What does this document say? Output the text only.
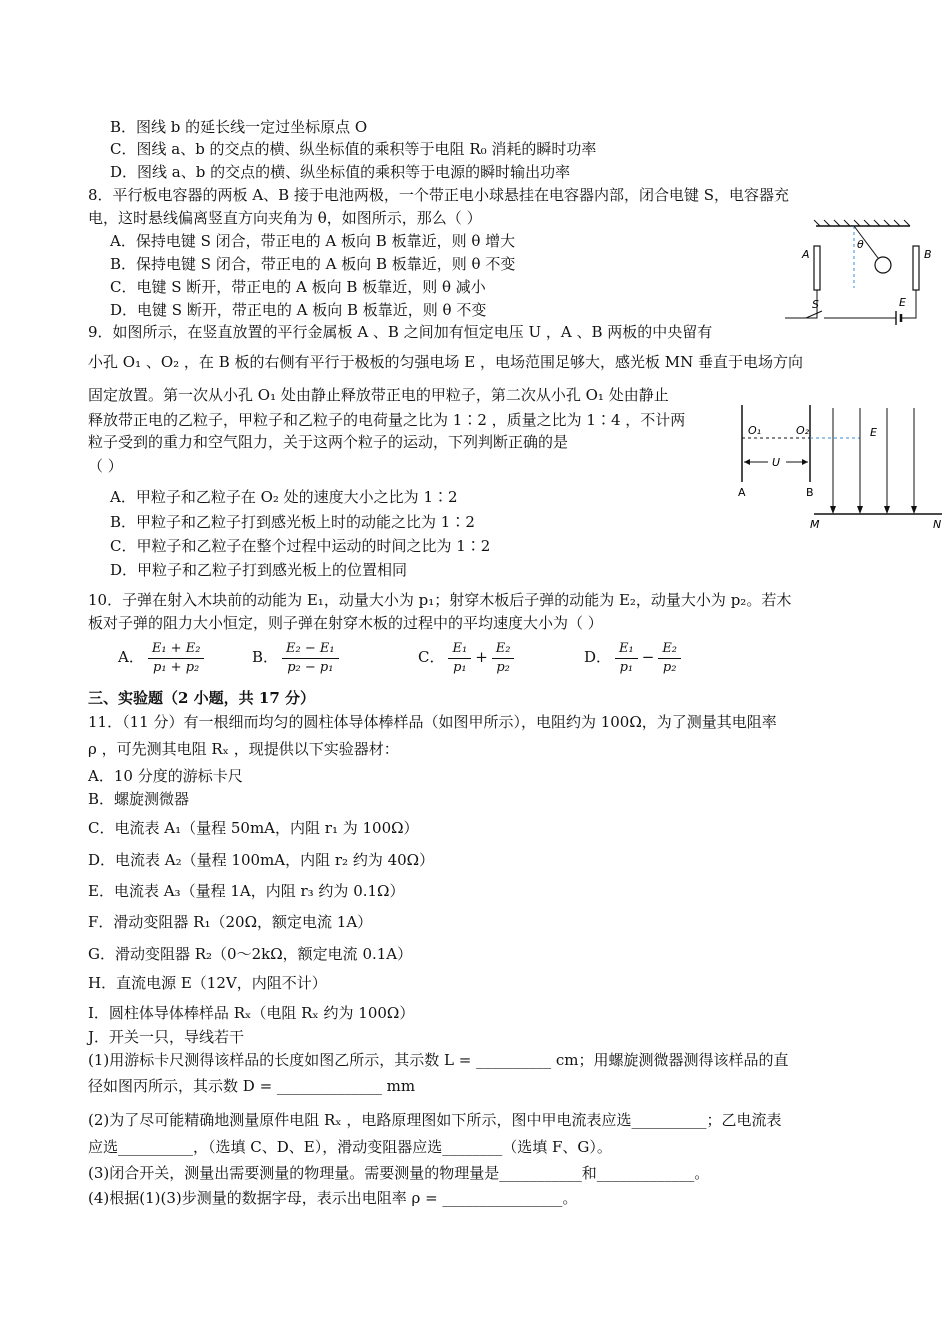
B．图线 b 的延长线一定过坐标原点 O
C．图线 a、b 的交点的横、纵坐标值的乘积等于电阻 R₀ 消耗的瞬时功率
D．图线 a、b 的交点的横、纵坐标值的乘积等于电源的瞬时输出功率
8．平行板电容器的两板 A、B 接于电池两极，一个带正电小球悬挂在电容器内部，闭合电键 S，电容器充
电，这时悬线偏离竖直方向夹角为 θ，如图所示，那么（ ）
A．保持电键 S 闭合，带正电的 A 板向 B 板靠近，则 θ 增大
B．保持电键 S 闭合，带正电的 A 板向 B 板靠近，则 θ 不变
C．电键 S 断开，带正电的 A 板向 B 板靠近，则 θ 减小
D．电键 S 断开，带正电的 A 板向 B 板靠近，则 θ 不变
θ
A	B
S	E
9．如图所示，在竖直放置的平行金属板 A 、B 之间加有恒定电压 U ，A 、B 两板的中央留有
小孔 O₁ 、O₂ ，在 B 板的右侧有平行于极板的匀强电场 E ，电场范围足够大，感光板 MN 垂直于电场方向
固定放置。第一次从小孔 O₁ 处由静止释放带正电的甲粒子，第二次从小孔 O₁ 处由静止
释放带正电的乙粒子，甲粒子和乙粒子的电荷量之比为 1∶2 ，质量之比为 1∶4 ，不计两
粒子受到的重力和空气阻力，关于这两个粒子的运动，下列判断正确的是
（ ）
A．甲粒子和乙粒子在 O₂ 处的速度大小之比为 1∶2
B．甲粒子和乙粒子打到感光板上时的动能之比为 1∶2
C．甲粒子和乙粒子在整个过程中运动的时间之比为 1∶2
D．甲粒子和乙粒子打到感光板上的位置相同
O₁	O₂
U
A	B
E
M	N
10．子弹在射入木块前的动能为 E₁，动量大小为 p₁；射穿木板后子弹的动能为 E₂，动量大小为 p₂。若木
板对子弹的阻力大小恒定，则子弹在射穿木板的过程中的平均速度大小为（ ）
A． $\frac{\text{E₁ + E₂}}{\text{p₁ + p₂}}$	B． $\frac{\text{E₂ − E₁}}{\text{p₂ − p₁}}$	C． $\frac{\text{E₁}}{\text{p₁}} + \frac{\text{E₂}}{\text{p₂}}$	D． $\frac{\text{E₁}}{\text{p₁}} - \frac{\text{E₂}}{\text{p₂}}$
三、实验题（2 小题，共 17 分）
11．（11 分）有一根细而均匀的圆柱体导体棒样品（如图甲所示），电阻约为 100Ω，为了测量其电阻率
ρ ，可先测其电阻 Rₓ ，现提供以下实验器材：
A．10 分度的游标卡尺
B．螺旋测微器
C．电流表 A₁（量程 50mA，内阻 r₁ 为 100Ω）
D．电流表 A₂（量程 100mA，内阻 r₂ 约为 40Ω）
E．电流表 A₃（量程 1A，内阻 r₃ 约为 0.1Ω）
F．滑动变阻器 R₁（20Ω，额定电流 1A）
G．滑动变阻器 R₂（0～2kΩ，额定电流 0.1A）
H．直流电源 E（12V，内阻不计）
I．圆柱体导体棒样品 Rₓ（电阻 Rₓ 约为 100Ω）
J．开关一只，导线若干
(1)用游标卡尺测得该样品的长度如图乙所示，其示数 L = __________ cm；用螺旋测微器测得该样品的直
径如图丙所示，其示数 D = ______________ mm
(2)为了尽可能精确地测量原件电阻 Rₓ ，电路原理图如下所示，图中甲电流表应选__________；乙电流表
应选__________，（选填 C、D、E），滑动变阻器应选________（选填 F、G）。
(3)闭合开关，测量出需要测量的物理量。需要测量的物理量是___________和_____________。
(4)根据(1)(3)步测量的数据字母，表示出电阻率 ρ = ________________。
